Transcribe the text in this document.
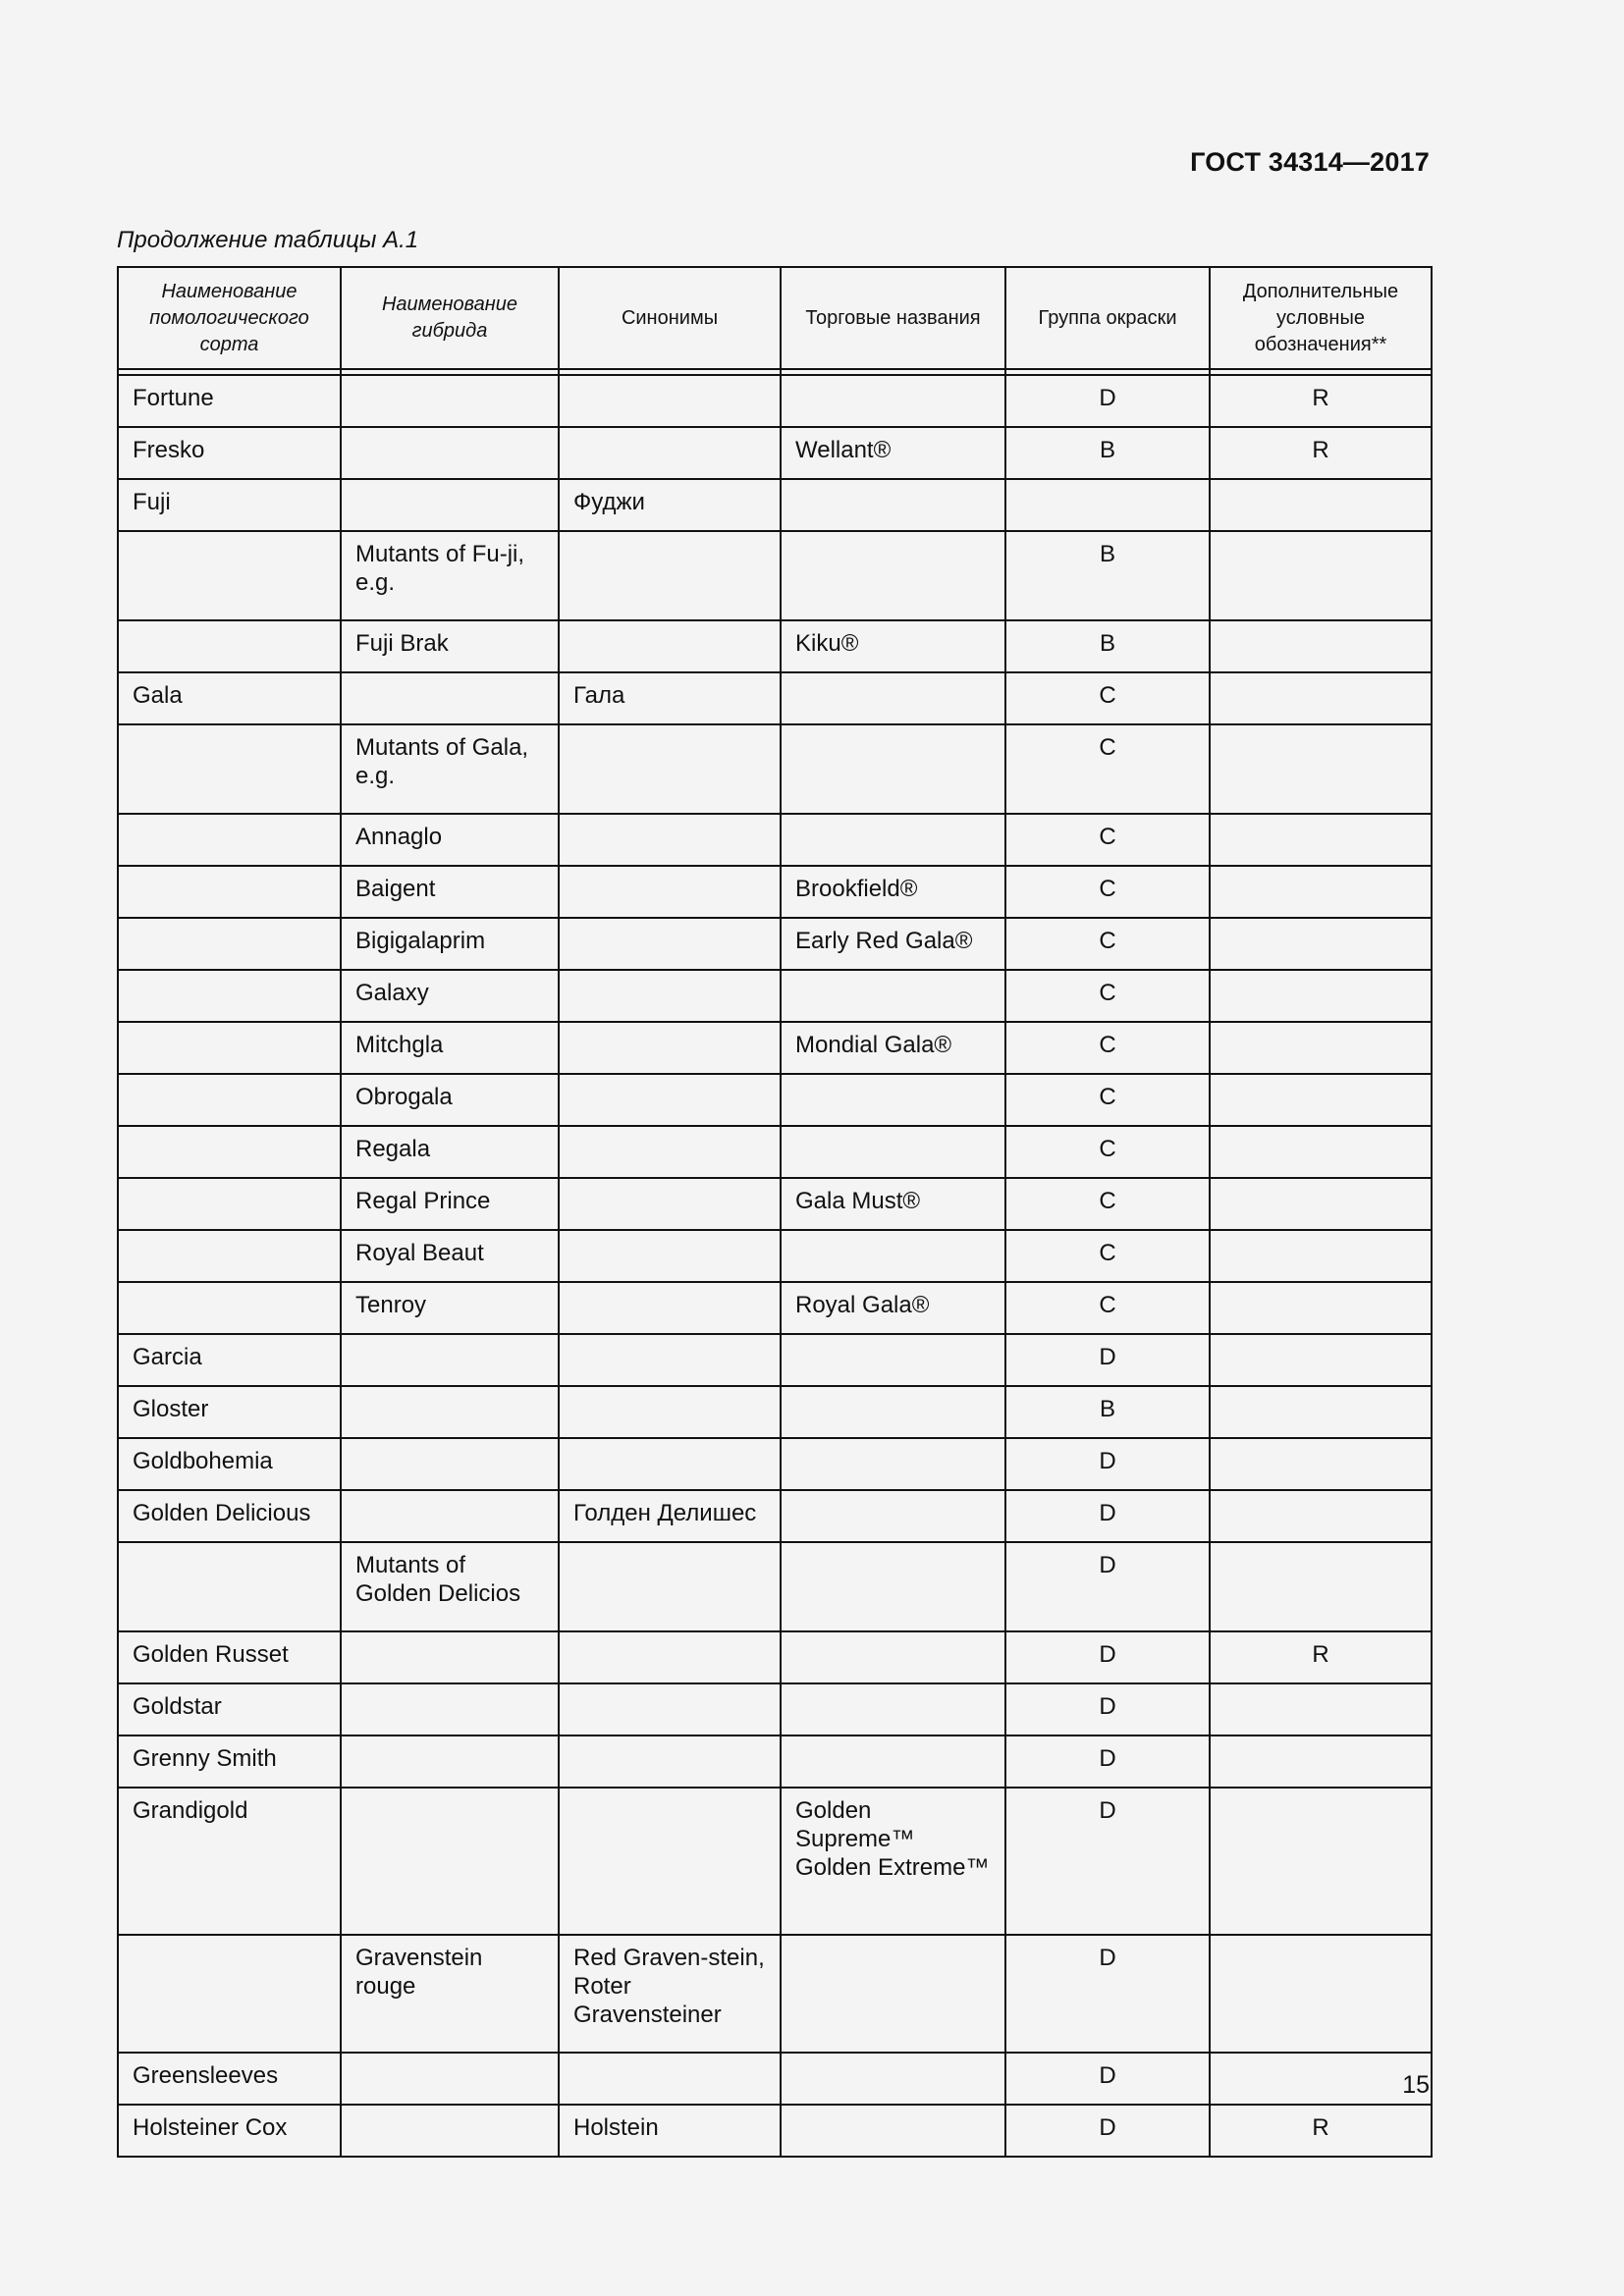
ГОСТ 34314—2017
Продолжение таблицы А.1
Наименование помологического сорта	Наименование гибрида	Синонимы	Торговые названия	Группа окраски	Дополнительные условные обозначения**

Fortune				D	R
Fresko			Wellant®	B	R
Fuji		Фуджи			
	Mutants of Fu-ji, e.g.			B	
	Fuji Brak		Kiku®	B	
Gala		Гала		C	
	Mutants of Gala, e.g.			C	
	Annaglo			C	
	Baigent		Brookfield®	C	
	Bigigalaprim		Early Red Gala®	C	
	Galaxy			C	
	Mitchgla		Mondial Gala®	C	
	Obrogala			C	
	Regala			C	
	Regal Prince		Gala Must®	C	
	Royal Beaut			C	
	Tenroy		Royal Gala®	C	
Garcia				D	
Gloster				B	
Goldbohemia				D	
Golden Delicious		Голден Делишес		D	
	Mutants of Golden Delicios			D	
Golden Russet				D	R
Goldstar				D	
Grenny Smith				D	
Grandigold			Golden Supreme™ Golden Extreme™	D	
	Gravenstein rouge	Red Graven-stein, Roter Gravensteiner		D	
Greensleeves				D	
Holsteiner Cox		Holstein		D	R
15
